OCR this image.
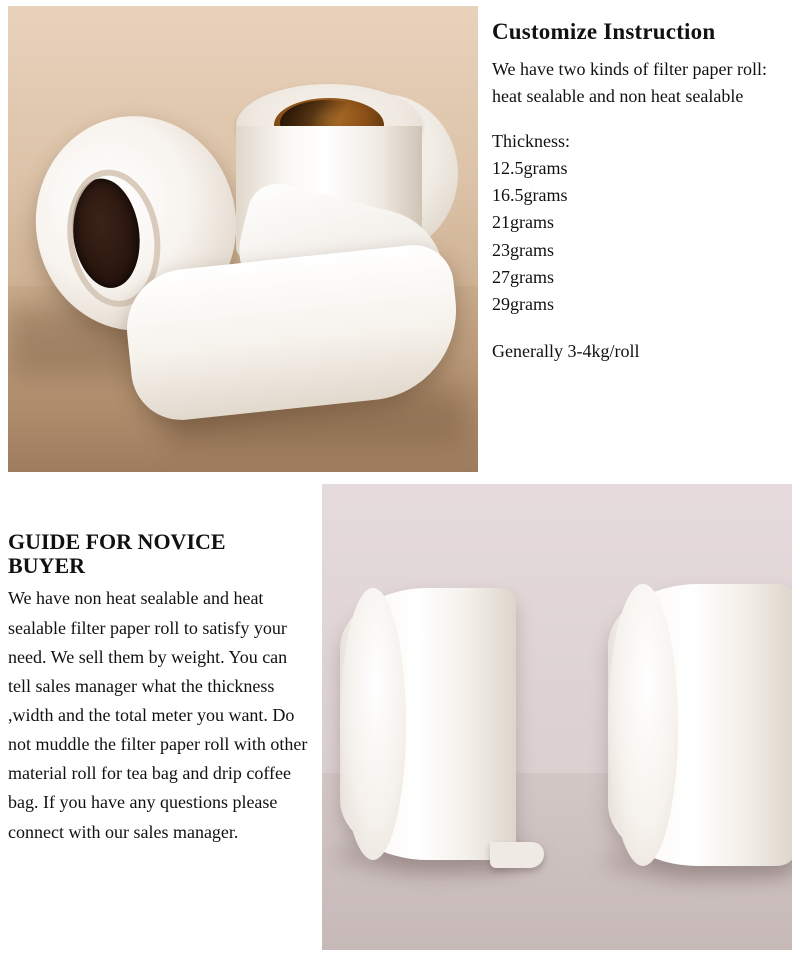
Customize Instruction

We have two kinds of filter paper roll: heat sealable and non heat sealable

Thickness:

12.5grams
16.5grams
21grams
23grams
27grams
29grams

Generally 3-4kg/roll

GUIDE FOR NOVICE BUYER

We have non heat sealable and heat sealable filter paper roll to satisfy your need. We sell them by weight. You can tell sales manager what the thickness ,width and the total meter you want. Do not muddle the filter paper roll with other material roll for tea bag and drip coffee bag. If you have any questions please connect with our sales manager.
